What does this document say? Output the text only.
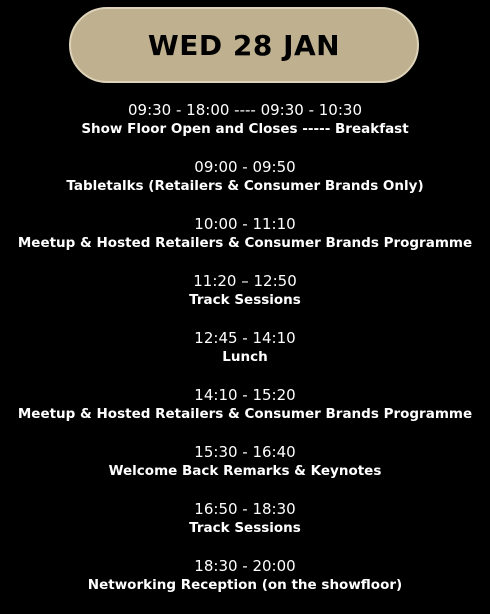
WED 28 JAN
09:30 - 18:00 ---- 09:30 - 10:30
Show Floor Open and Closes ----- Breakfast
09:00 - 09:50
Tabletalks (Retailers & Consumer Brands Only)
10:00 - 11:10
Meetup & Hosted Retailers & Consumer Brands Programme
11:20 – 12:50
Track Sessions
12:45 - 14:10
Lunch
14:10 - 15:20
Meetup & Hosted Retailers & Consumer Brands Programme
15:30 - 16:40
Welcome Back Remarks & Keynotes
16:50 - 18:30
Track Sessions
18:30 - 20:00
Networking Reception (on the showfloor)
